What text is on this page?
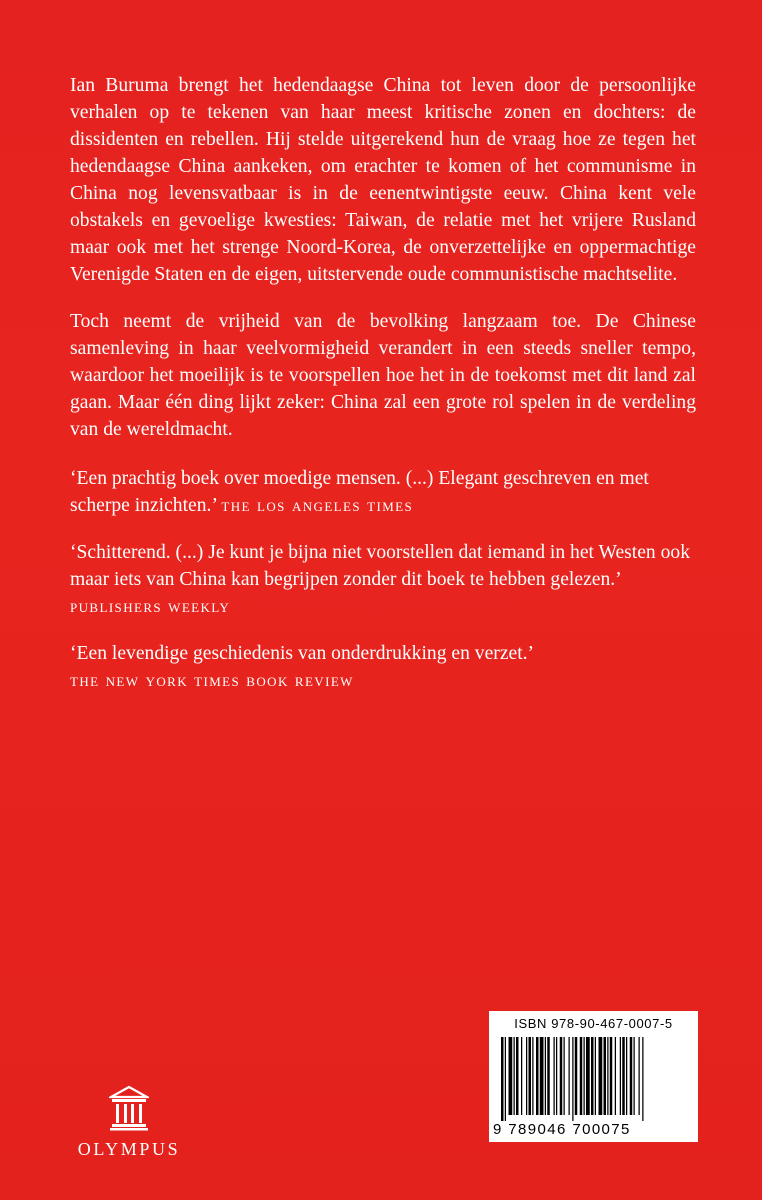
Ian Buruma brengt het hedendaagse China tot leven door de persoonlijke verhalen op te tekenen van haar meest kritische zonen en dochters: de dissidenten en rebellen. Hij stelde uitgerekend hun de vraag hoe ze tegen het hedendaagse China aankeken, om erachter te komen of het communisme in China nog levensvatbaar is in de eenentwintigste eeuw. China kent vele obstakels en gevoelige kwesties: Taiwan, de relatie met het vrijere Rusland maar ook met het strenge Noord-Korea, de onverzettelijke en oppermachtige Verenigde Staten en de eigen, uitstervende oude communistische machtselite.

Toch neemt de vrijheid van de bevolking langzaam toe. De Chinese samenleving in haar veelvormigheid verandert in een steeds sneller tempo, waardoor het moeilijk is te voorspellen hoe het in de toekomst met dit land zal gaan. Maar één ding lijkt zeker: China zal een grote rol spelen in de verdeling van de wereldmacht.

‘Een prachtig boek over moedige mensen. (...) Elegant geschreven en met scherpe inzichten.’ the los angeles times

‘Schitterend. (...) Je kunt je bijna niet voorstellen dat iemand in het Westen ook maar iets van China kan begrijpen zonder dit boek te hebben gelezen.’ publishers weekly

‘Een levendige geschiedenis van onderdrukking en verzet.’
the new york times book review

OLYMPUS
ISBN 978-90-467-0007-5
9 789046 700075
